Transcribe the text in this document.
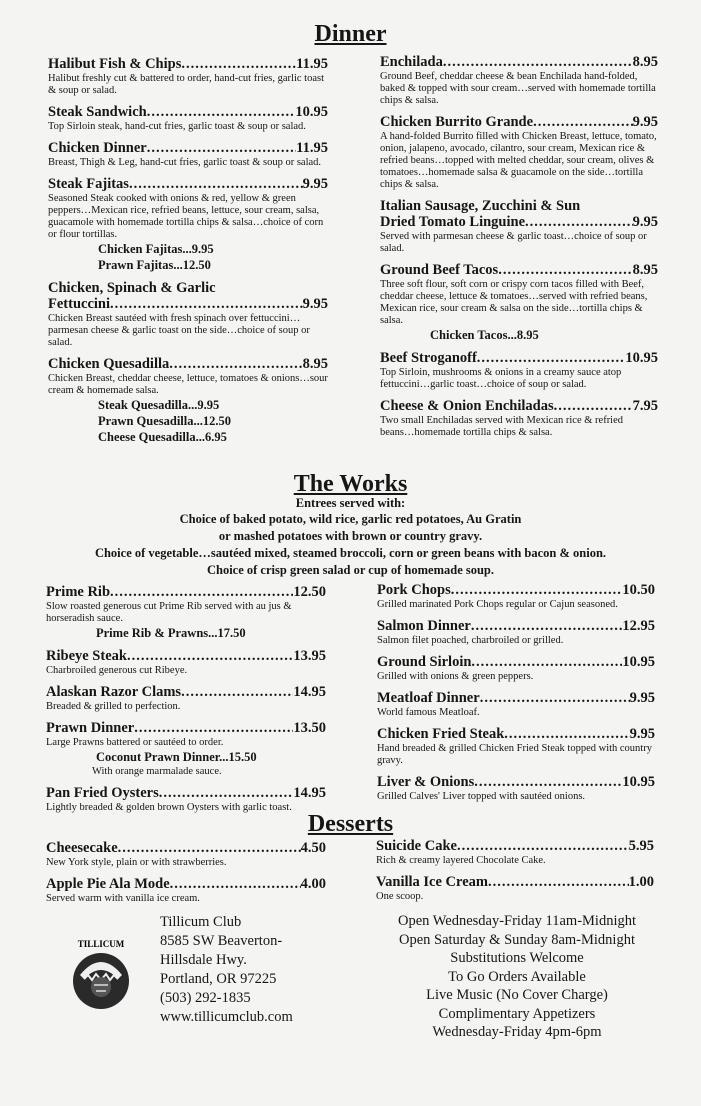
Dinner
Halibut Fish & Chips .....	11.95
Halibut freshly cut & battered to order, hand-cut fries, garlic toast & soup or salad.
Steak Sandwich .....	10.95
Top Sirloin steak, hand-cut fries, garlic toast & soup or salad.
Chicken Dinner .....	11.95
Breast, Thigh & Leg, hand-cut fries, garlic toast & soup or salad.
Steak Fajitas .....	9.95
Seasoned Steak cooked with onions & red, yellow & green peppers…Mexican rice, refried beans, lettuce, sour cream, salsa, guacamole with homemade tortilla chips & salsa…choice of corn or flour tortillas.
Chicken Fajitas...9.95
Prawn Fajitas...12.50
Chicken, Spinach & Garlic
Fettuccini .....	9.95
Chicken Breast sautéed with fresh spinach over fettuccini…parmesan cheese & garlic toast on the side…choice of soup or salad.
Chicken Quesadilla .....	8.95
Chicken Breast, cheddar cheese, lettuce, tomatoes & onions…sour cream & homemade salsa.
Steak Quesadilla...9.95
Prawn Quesadilla...12.50
Cheese Quesadilla...6.95
Enchilada .....	8.95
Ground Beef, cheddar cheese & bean Enchilada hand-folded, baked & topped with sour cream…served with homemade tortilla chips & salsa.
Chicken Burrito Grande .....	9.95
A hand-folded Burrito filled with Chicken Breast, lettuce, tomato, onion, jalapeno, avocado, cilantro, sour cream, Mexican rice & refried beans…topped with melted cheddar, sour cream, olives & tomatoes…homemade salsa & guacamole on the side…tortilla chips & salsa.
Italian Sausage, Zucchini & Sun
Dried Tomato Linguine .....	9.95
Served with parmesan cheese & garlic toast…choice of soup or salad.
Ground Beef Tacos .....	8.95
Three soft flour, soft corn or crispy corn tacos filled with Beef, cheddar cheese, lettuce & tomatoes…served with refried beans, Mexican rice, sour cream & salsa on the side…tortilla chips & salsa.
Chicken Tacos...8.95
Beef Stroganoff .....	10.95
Top Sirloin, mushrooms & onions in a creamy sauce atop fettuccini…garlic toast…choice of soup or salad.
Cheese & Onion Enchiladas .....	7.95
Two small Enchiladas served with Mexican rice & refried beans…homemade tortilla chips & salsa.
The Works
Entrees served with:
Choice of baked potato, wild rice, garlic red potatoes, Au Gratin
or mashed potatoes with brown or country gravy.
Choice of vegetable…sautéed mixed, steamed broccoli, corn or green beans with bacon & onion.
Choice of crisp green salad or cup of homemade soup.
Prime Rib .....	12.50
Slow roasted generous cut Prime Rib served with au jus & horseradish sauce.
Prime Rib & Prawns...17.50
Ribeye Steak .....	13.95
Charbroiled generous cut Ribeye.
Alaskan Razor Clams .....	14.95
Breaded & grilled to perfection.
Prawn Dinner .....	13.50
Large Prawns battered or sautéed to order.
Coconut Prawn Dinner...15.50
With orange marmalade sauce.
Pan Fried Oysters .....	14.95
Lightly breaded & golden brown Oysters with garlic toast.
Pork Chops .....	10.50
Grilled marinated Pork Chops regular or Cajun seasoned.
Salmon Dinner .....	12.95
Salmon filet poached, charbroiled or grilled.
Ground Sirloin .....	10.95
Grilled with onions & green peppers.
Meatloaf Dinner .....	9.95
World famous Meatloaf.
Chicken Fried Steak .....	9.95
Hand breaded & grilled Chicken Fried Steak topped with country gravy.
Liver & Onions .....	10.95
Grilled Calves' Liver topped with sautéed onions.
Desserts
Cheesecake .....	4.50
New York style, plain or with strawberries.
Apple Pie Ala Mode .....	4.00
Served warm with vanilla ice cream.
Suicide Cake .....	5.95
Rich & creamy layered Chocolate Cake.
Vanilla Ice Cream .....	1.00
One scoop.
TILLICUM
Tillicum Club
8585 SW Beaverton-
Hillsdale Hwy.
Portland, OR 97225
(503) 292-1835
www.tillicumclub.com
Open Wednesday-Friday 11am-Midnight
Open Saturday & Sunday 8am-Midnight
Substitutions Welcome
To Go Orders Available
Live Music (No Cover Charge)
Complimentary Appetizers
Wednesday-Friday 4pm-6pm
